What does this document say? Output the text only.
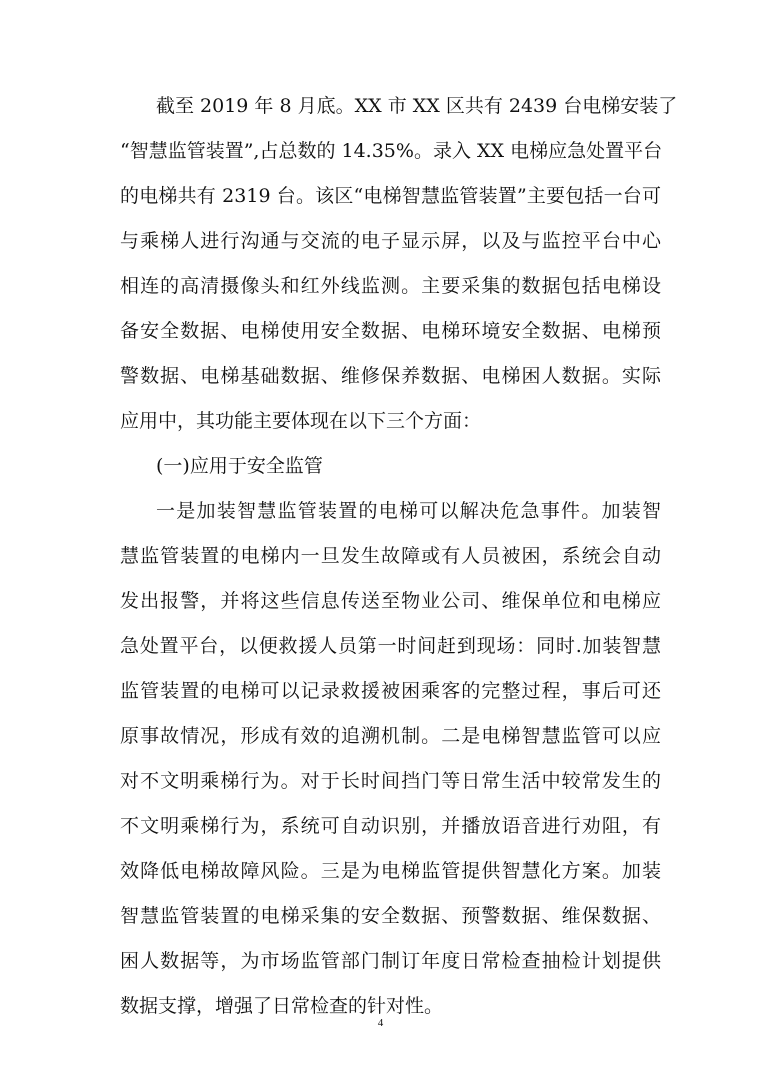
截至 2019 年 8 月底。XX 市 XX 区共有 2439 台电梯安装了
“智慧监管装置”,占总数的 14.35%。录入 XX 电梯应急处置平台
的电梯共有 2319 台。该区“电梯智慧监管装置”主要包括一台可
与乘梯人进行沟通与交流的电子显示屏，以及与监控平台中心
相连的高清摄像头和红外线监测。主要采集的数据包括电梯设
备安全数据、电梯使用安全数据、电梯环境安全数据、电梯预
警数据、电梯基础数据、维修保养数据、电梯困人数据。实际
应用中，其功能主要体现在以下三个方面：
(一)应用于安全监管
一是加装智慧监管装置的电梯可以解决危急事件。加装智
慧监管装置的电梯内一旦发生故障或有人员被困，系统会自动
发出报警，并将这些信息传送至物业公司、维保单位和电梯应
急处置平台，以便救援人员第一时间赶到现场：同时.加装智慧
监管装置的电梯可以记录救援被困乘客的完整过程，事后可还
原事故情况，形成有效的追溯机制。二是电梯智慧监管可以应
对不文明乘梯行为。对于长时间挡门等日常生活中较常发生的
不文明乘梯行为，系统可自动识别，并播放语音进行劝阻，有
效降低电梯故障风险。三是为电梯监管提供智慧化方案。加装
智慧监管装置的电梯采集的安全数据、预警数据、维保数据、
困人数据等，为市场监管部门制订年度日常检查抽检计划提供
数据支撑，增强了日常检查的针对性。
4
